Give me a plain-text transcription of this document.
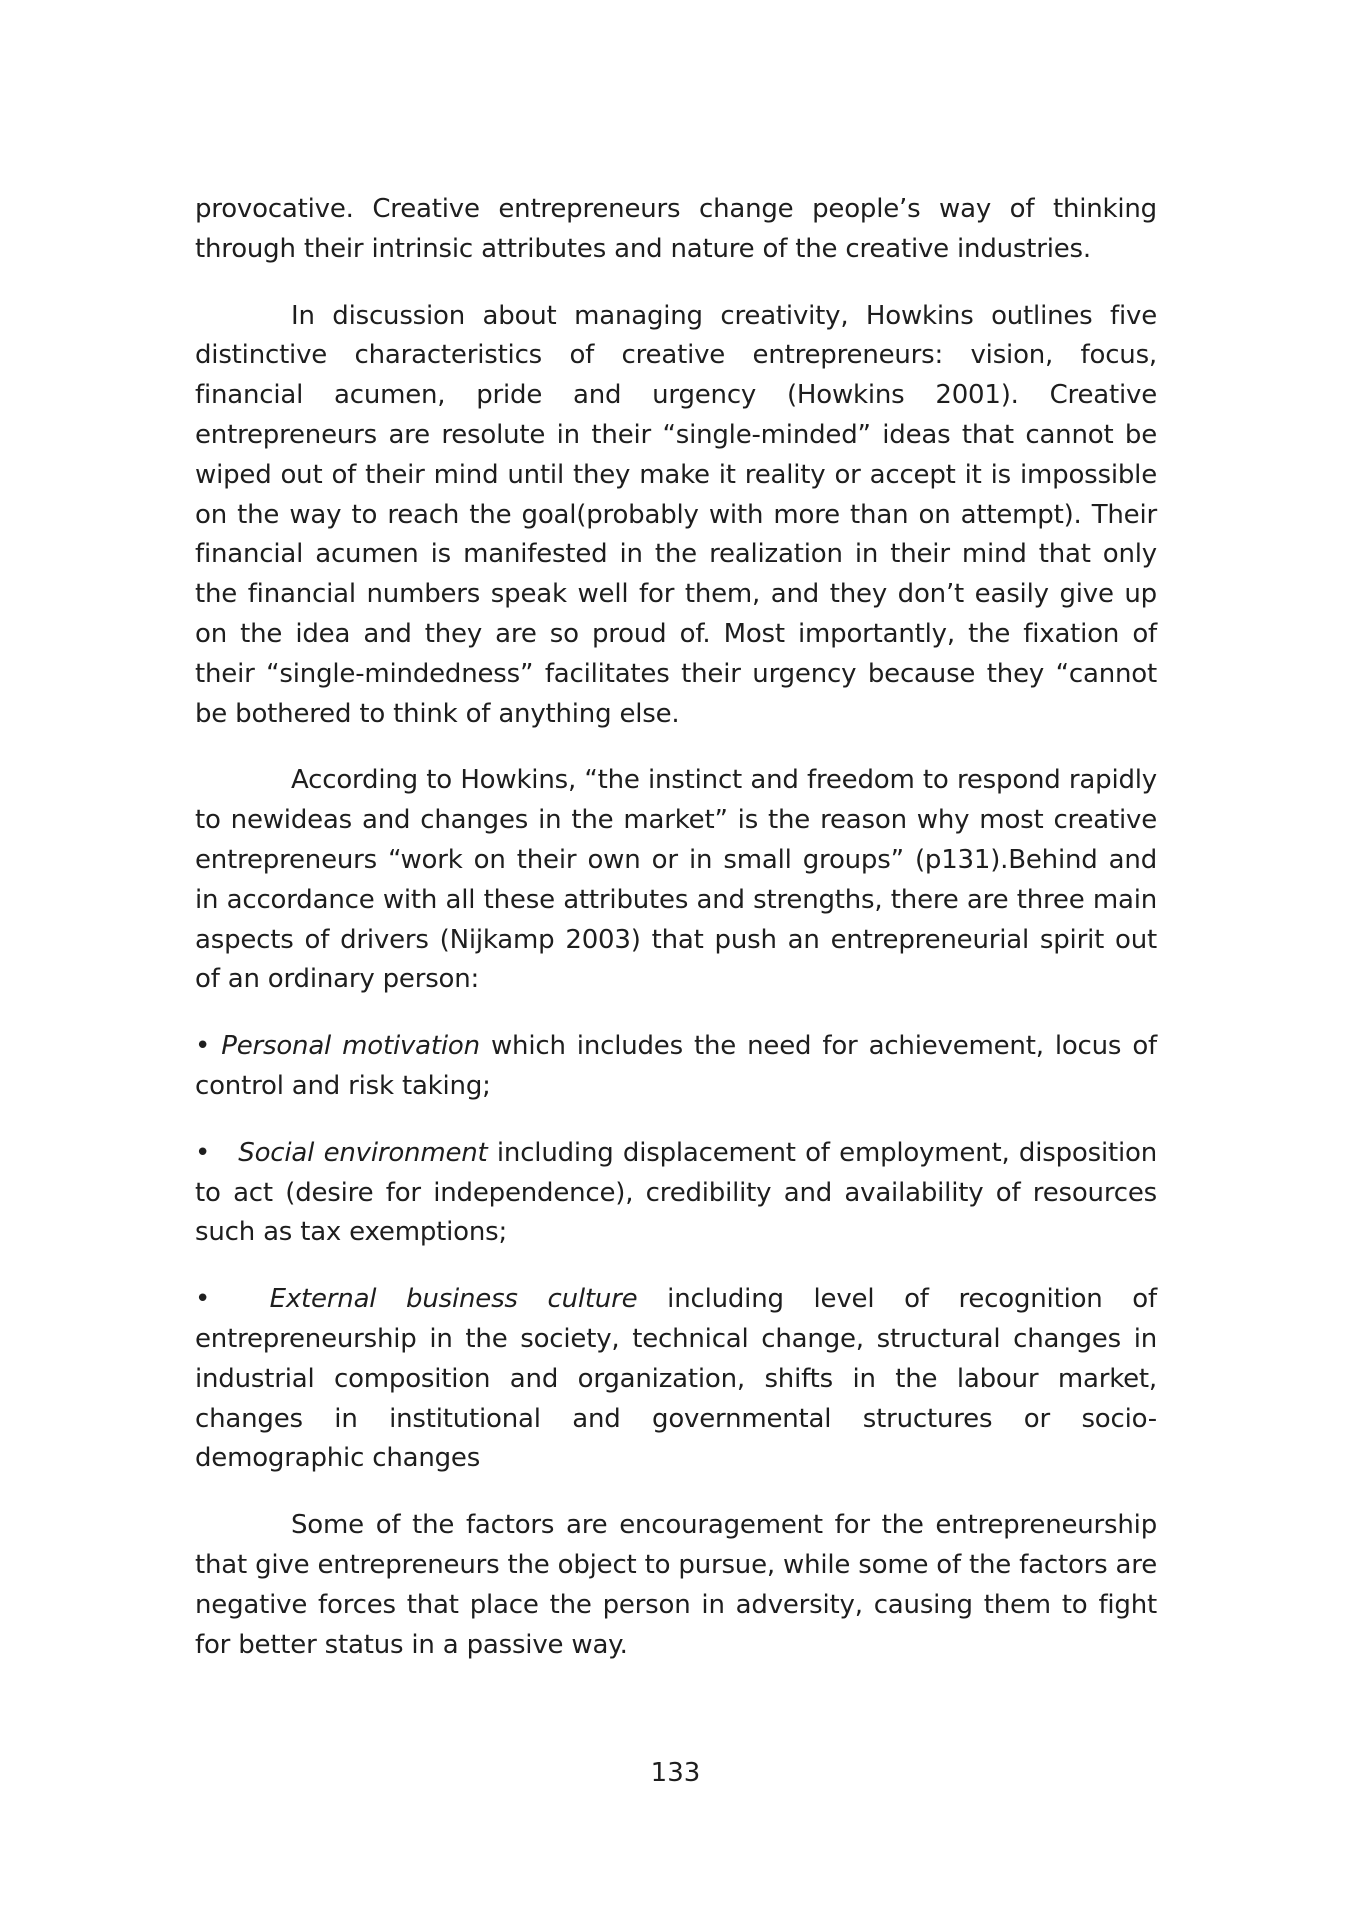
provocative. Creative entrepreneurs change people’s way of thinking through their intrinsic attributes and nature of the creative industries.

In discussion about managing creativity, Howkins outlines five distinctive characteristics of creative entrepreneurs: vision, focus, financial acumen, pride and urgency (Howkins 2001). Creative entrepreneurs are resolute in their “single-minded” ideas that cannot be wiped out of their mind until they make it reality or accept it is impossible on the way to reach the goal(probably with more than on attempt). Their financial acumen is manifested in the realization in their mind that only the financial numbers speak well for them, and they don’t easily give up on the idea and they are so proud of. Most importantly, the fixation of their “single-mindedness” facilitates their urgency because they “cannot be bothered to think of anything else.

According to Howkins, “the instinct and freedom to respond rapidly to newideas and changes in the market” is the reason why most creative entrepreneurs “work on their own or in small groups” (p131).Behind and in accordance with all these attributes and strengths, there are three main aspects of drivers (Nijkamp 2003) that push an entrepreneurial spirit out of an ordinary person:

• Personal motivation which includes the need for achievement, locus of control and risk taking;

• Social environment including displacement of employment, disposition to act (desire for independence), credibility and availability of resources such as tax exemptions;

• External business culture including level of recognition of entrepreneurship in the society, technical change, structural changes in industrial composition and organization, shifts in the labour market, changes in institutional and governmental structures or socio-demographic changes

Some of the factors are encouragement for the entrepreneurship that give entrepreneurs the object to pursue, while some of the factors are negative forces that place the person in adversity, causing them to fight for better status in a passive way.

133
